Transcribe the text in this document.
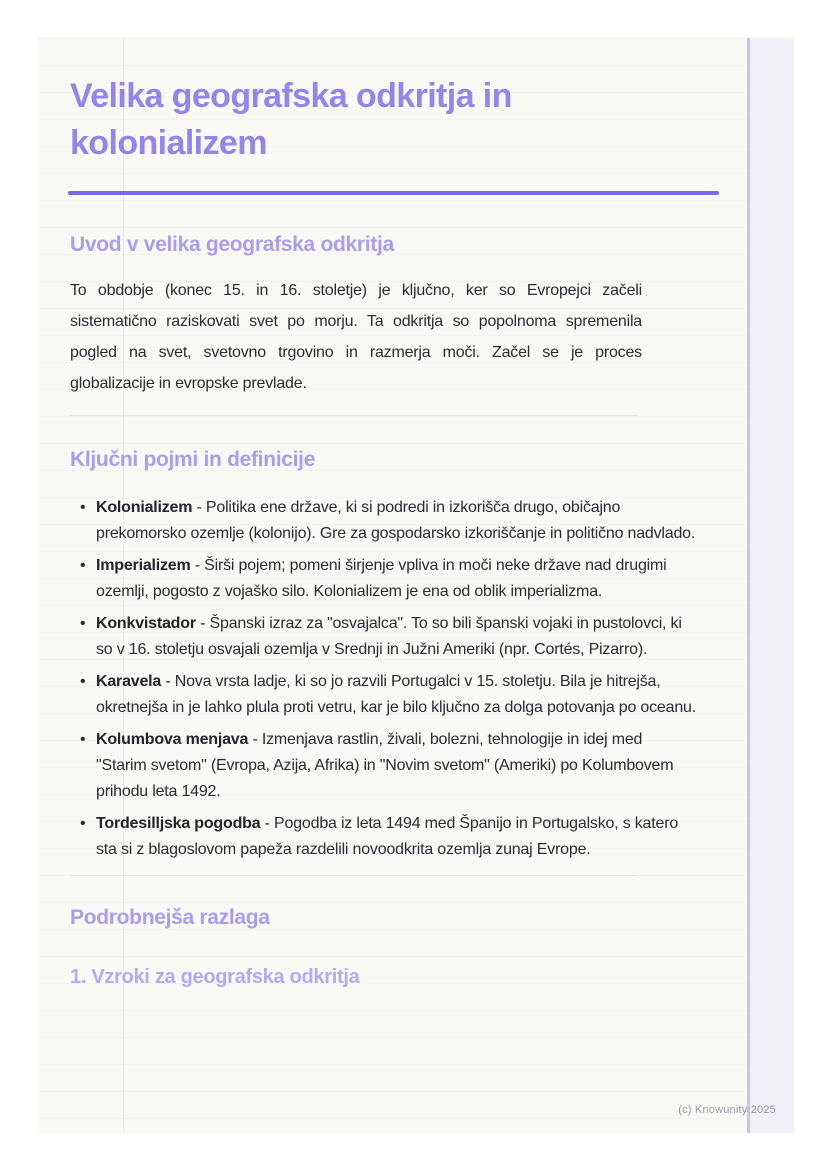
Velika geografska odkritja in
kolonializem
Uvod v velika geografska odkritja

To obdobje (konec 15. in 16. stoletje) je ključno, ker so Evropejci začeli sistematično raziskovati svet po morju. Ta odkritja so popolnoma spremenila pogled na svet, svetovno trgovino in razmerja moči. Začel se je proces globalizacije in evropske prevlade.

Ključni pojmi in definicije
• Kolonializem - Politika ene države, ki si podredi in izkorišča drugo, običajno prekomorsko ozemlje (kolonijo). Gre za gospodarsko izkoriščanje in politično nadvlado.
• Imperializem - Širši pojem; pomeni širjenje vpliva in moči neke države nad drugimi ozemlji, pogosto z vojaško silo. Kolonializem je ena od oblik imperializma.
• Konkvistador - Španski izraz za "osvajalca". To so bili španski vojaki in pustolovci, ki so v 16. stoletju osvajali ozemlja v Srednji in Južni Ameriki (npr. Cortés, Pizarro).
• Karavela - Nova vrsta ladje, ki so jo razvili Portugalci v 15. stoletju. Bila je hitrejša, okretnejša in je lahko plula proti vetru, kar je bilo ključno za dolga potovanja po oceanu.
• Kolumbova menjava - Izmenjava rastlin, živali, bolezni, tehnologije in idej med "Starim svetom" (Evropa, Azija, Afrika) in "Novim svetom" (Ameriki) po Kolumbovem prihodu leta 1492.
• Tordesilljska pogodba - Pogodba iz leta 1494 med Španijo in Portugalsko, s katero sta si z blagoslovom papeža razdelili novoodkrita ozemlja zunaj Evrope.
Podrobnejša razlaga
1. Vzroki za geografska odkritja
(c) Knowunity 2025
